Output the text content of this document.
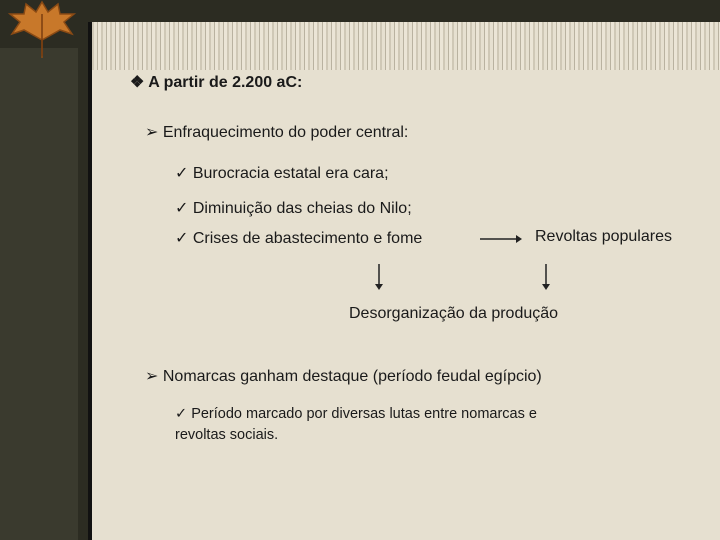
❖ A partir de 2.200 aC:
➢ Enfraquecimento do poder central:
✓ Burocracia estatal era cara;
✓ Diminuição das cheias do Nilo;
✓ Crises de abastecimento e fome	Revoltas populares
Desorganização da produção
➢ Nomarcas ganham destaque (período feudal egípcio)
✓ Período marcado por diversas lutas entre nomarcas e
revoltas sociais.
